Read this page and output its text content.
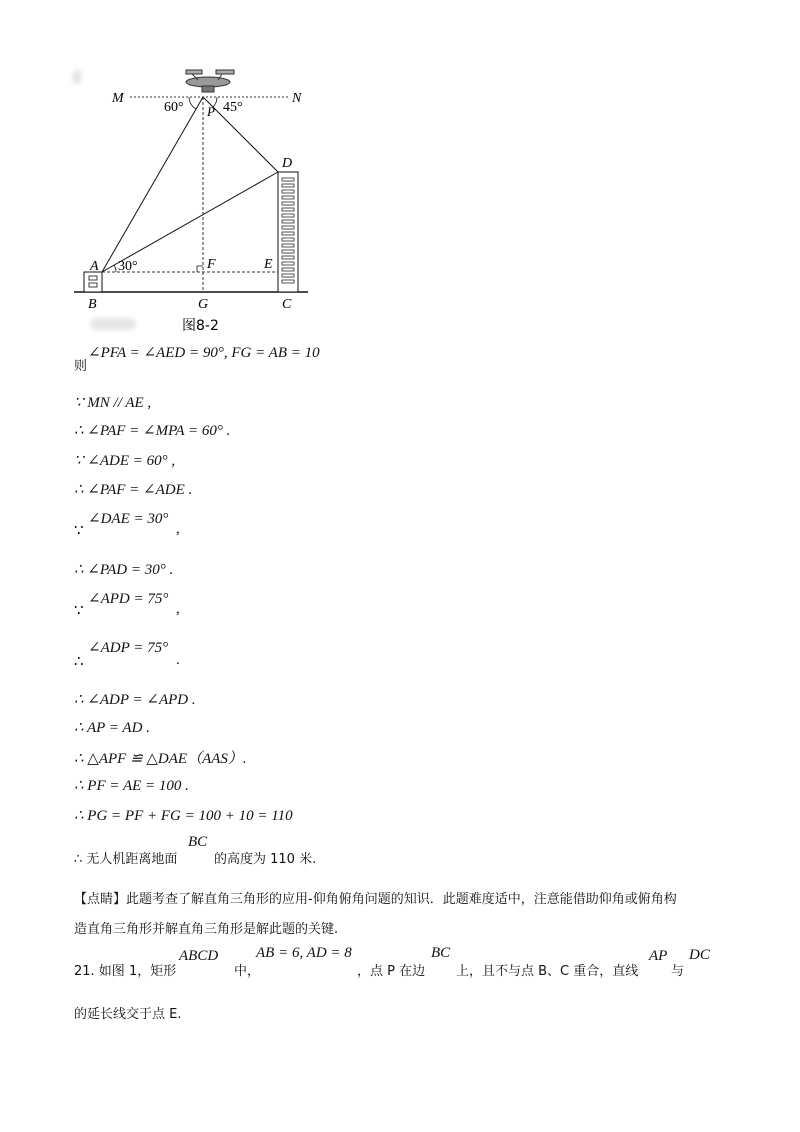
M	N
P
60°	45°
D
A 30°	F	E
B	G	C
图8-2
则
∠PFA = ∠AED = 90°, FG = AB = 10
∵ MN // AE ,
∴ ∠PAF = ∠MPA = 60° .
∵ ∠ADE = 60° ,
∴ ∠PAF = ∠ADE .
∵
∠DAE = 30°
,
∴ ∠PAD = 30° .
∵
∠APD = 75°
,
∴
∠ADP = 75°
.
∴ ∠ADP = ∠APD .
∴ AP = AD .
∴ △APF ≌ △DAE（AAS）.
∴ PF = AE = 100 .
∴ PG = PF + FG = 100 + 10 = 110
∴ 无人机距离地面
BC
的高度为 110 米.
【点睛】此题考查了解直角三角形的应用-仰角俯角问题的知识．此题难度适中，注意能借助仰角或俯角构
造直角三角形并解直角三角形是解此题的关键.
21. 如图 1，矩形
ABCD
中，
AB = 6, AD = 8
，点 P 在边
BC
上，且不与点 B、C 重合，直线
AP
与
DC
的延长线交于点 E.
